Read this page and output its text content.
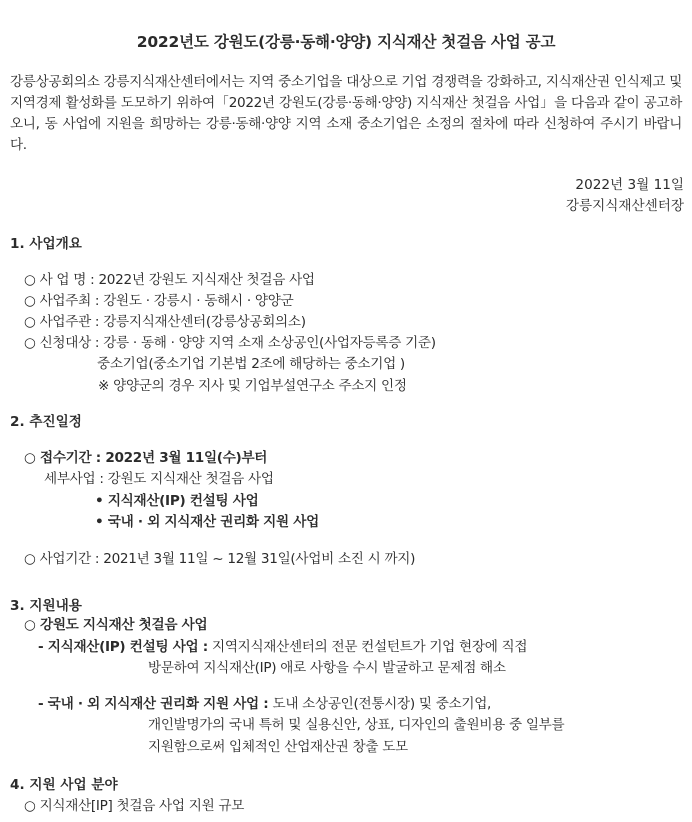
2022년도 강원도(강릉·동해·양양) 지식재산 첫걸음 사업 공고
강릉상공회의소 강릉지식재산센터에서는 지역 중소기업을 대상으로 기업 경쟁력을 강화하고, 지식재산권 인식제고 및 지역경제 활성화를 도모하기 위하여「2022년 강원도(강릉·동해·양양) 지식재산 첫걸음 사업」을 다음과 같이 공고하오니, 동 사업에 지원을 희망하는 강릉·동해·양양 지역 소재 중소기업은 소정의 절차에 따라 신청하여 주시기 바랍니다.
2022년 3월 11일
강릉지식재산센터장
1. 사업개요
○ 사 업 명 : 2022년 강원도 지식재산 첫걸음 사업
○ 사업주최 : 강원도 · 강릉시 · 동해시 · 양양군
○ 사업주관 : 강릉지식재산센터(강릉상공회의소)
○ 신청대상 : 강릉 · 동해 · 양양 지역 소재 소상공인(사업자등록증 기준)
중소기업(중소기업 기본법 2조에 해당하는 중소기업 )
※ 양양군의 경우 지사 및 기업부설연구소 주소지 인정
2. 추진일정
○ 접수기간 : 2022년 3월 11일(수)부터
세부사업 : 강원도 지식재산 첫걸음 사업
• 지식재산(IP) 컨설팅 사업
• 국내 · 외 지식재산 권리화 지원 사업
○ 사업기간 : 2021년 3월 11일 ~ 12월 31일(사업비 소진 시 까지)
3. 지원내용
○ 강원도 지식재산 첫걸음 사업
- 지식재산(IP) 컨설팅 사업 : 지역지식재산센터의 전문 컨설턴트가 기업 현장에 직접
방문하여 지식재산(IP) 애로 사항을 수시 발굴하고 문제점 해소
- 국내 · 외 지식재산 권리화 지원 사업 : 도내 소상공인(전통시장) 및 중소기업,
개인발명가의 국내 특허 및 실용신안, 상표, 디자인의 출원비용 중 일부를
지원함으로써 입체적인 산업재산권 창출 도모
4. 지원 사업 분야
○ 지식재산[IP] 첫걸음 사업 지원 규모
